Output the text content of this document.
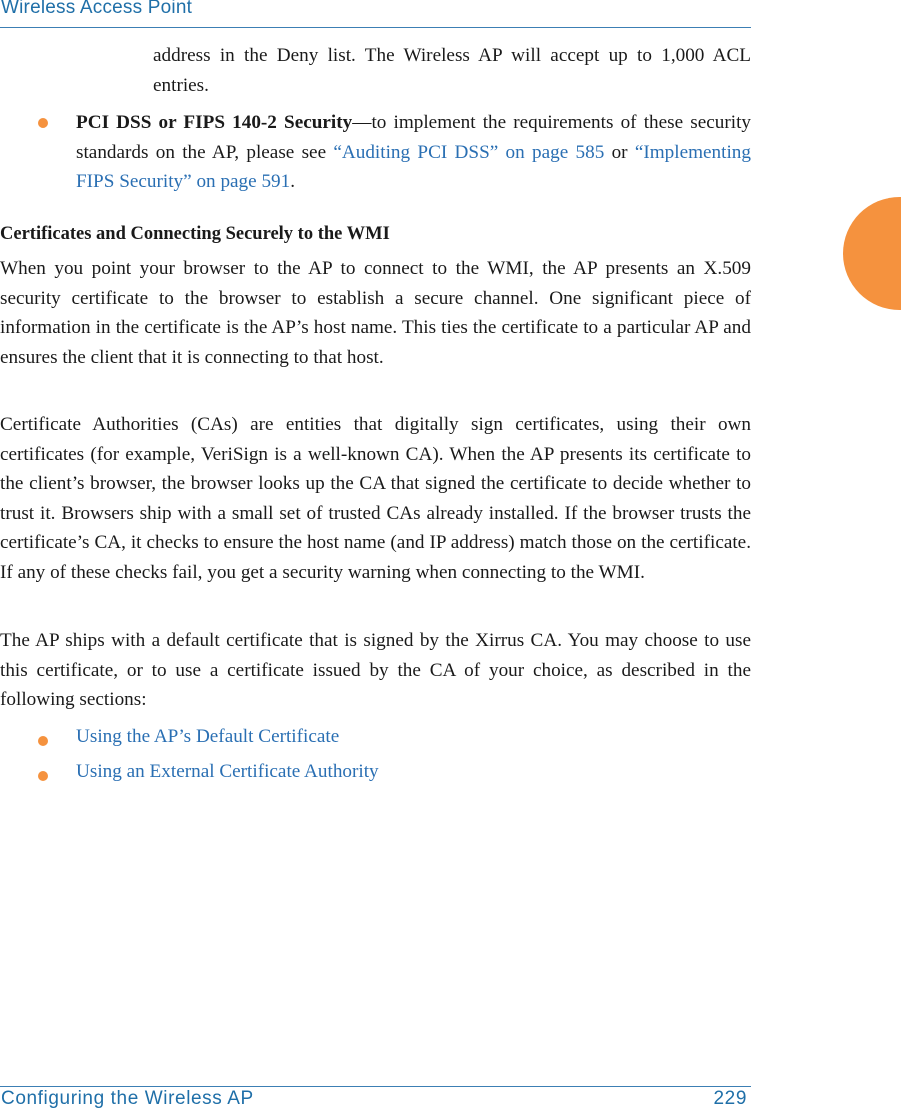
Wireless Access Point
address in the Deny list. The Wireless AP will accept up to 1,000 ACL entries.
PCI DSS or FIPS 140-2 Security—to implement the requirements of these security standards on the AP, please see “Auditing PCI DSS” on page 585 or “Implementing FIPS Security” on page 591.
Certificates and Connecting Securely to the WMI
When you point your browser to the AP to connect to the WMI, the AP presents an X.509 security certificate to the browser to establish a secure channel. One significant piece of information in the certificate is the AP’s host name. This ties the certificate to a particular AP and ensures the client that it is connecting to that host.
Certificate Authorities (CAs) are entities that digitally sign certificates, using their own certificates (for example, VeriSign is a well-known CA). When the AP presents its certificate to the client’s browser, the browser looks up the CA that signed the certificate to decide whether to trust it. Browsers ship with a small set of trusted CAs already installed. If the browser trusts the certificate’s CA, it checks to ensure the host name (and IP address) match those on the certificate. If any of these checks fail, you get a security warning when connecting to the WMI.
The AP ships with a default certificate that is signed by the Xirrus CA. You may choose to use this certificate, or to use a certificate issued by the CA of your choice, as described in the following sections:
Using the AP’s Default Certificate
Using an External Certificate Authority
Configuring the Wireless AP	229
